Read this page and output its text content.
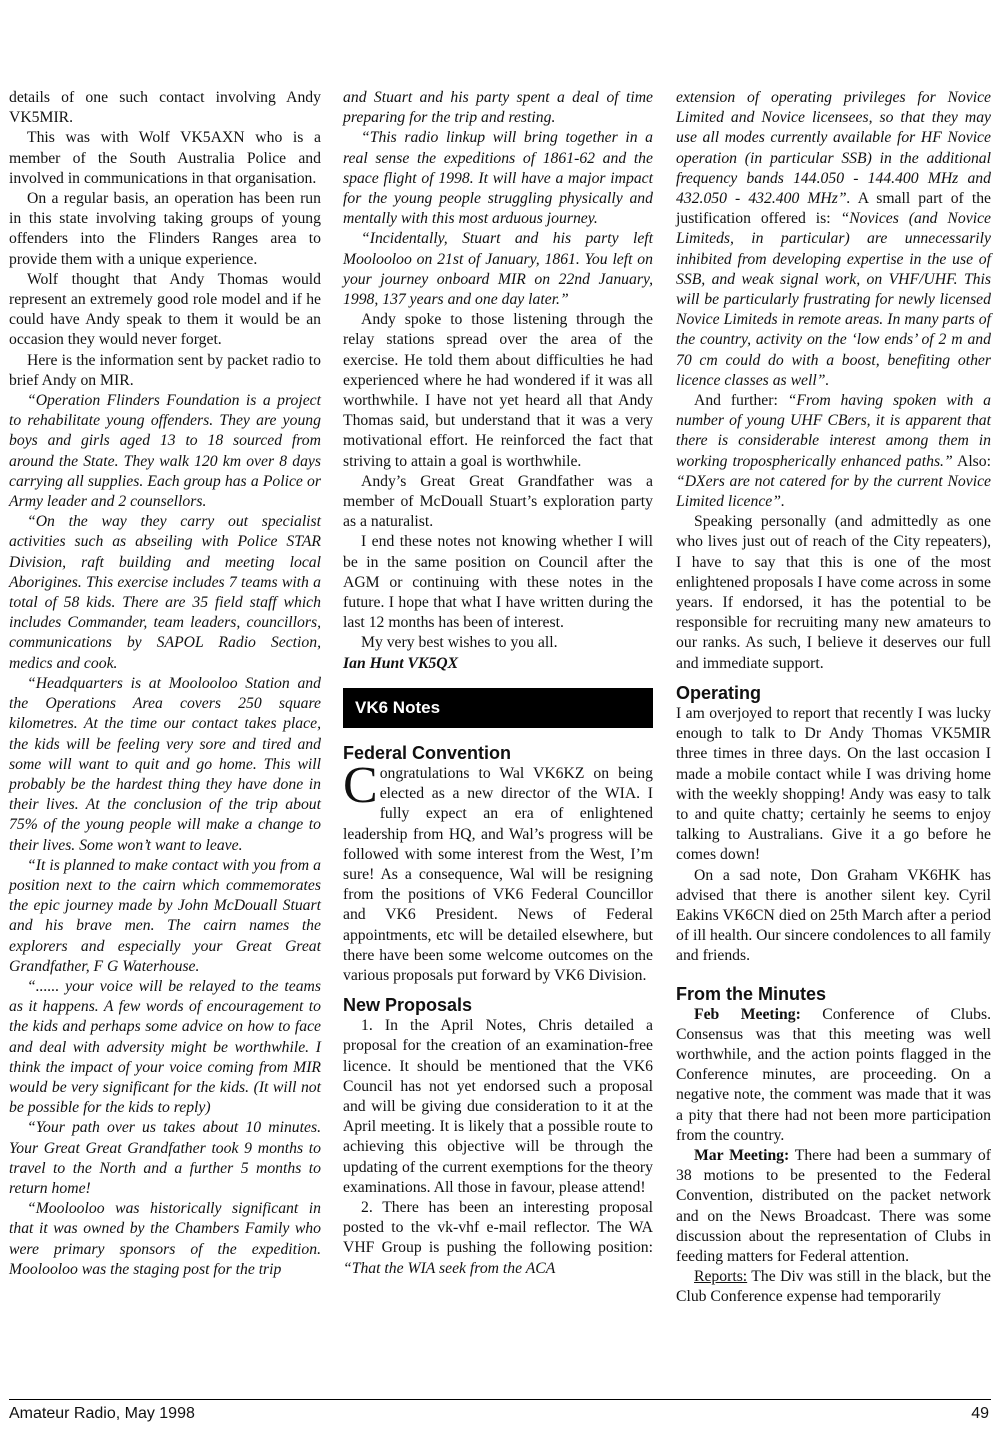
details of one such contact involving Andy VK5MIR.

This was with Wolf VK5AXN who is a member of the South Australia Police and involved in communications in that organisation.

On a regular basis, an operation has been run in this state involving taking groups of young offenders into the Flinders Ranges area to provide them with a unique experience.

Wolf thought that Andy Thomas would represent an extremely good role model and if he could have Andy speak to them it would be an occasion they would never forget.

Here is the information sent by packet radio to brief Andy on MIR.

“Operation Flinders Foundation is a project to rehabilitate young offenders. They are young boys and girls aged 13 to 18 sourced from around the State. They walk 120 km over 8 days carrying all supplies. Each group has a Police or Army leader and 2 counsellors.

“On the way they carry out specialist activities such as abseiling with Police STAR Division, raft building and meeting local Aborigines. This exercise includes 7 teams with a total of 58 kids. There are 35 field staff which includes Commander, team leaders, councillors, communications by SAPOL Radio Section, medics and cook.

“Headquarters is at Moolooloo Station and the Operations Area covers 250 square kilometres. At the time our contact takes place, the kids will be feeling very sore and tired and some will want to quit and go home. This will probably be the hardest thing they have done in their lives. At the conclusion of the trip about 75% of the young people will make a change to their lives. Some won’t want to leave.

“It is planned to make contact with you from a position next to the cairn which commemorates the epic journey made by John McDouall Stuart and his brave men. The cairn names the explorers and especially your Great Great Grandfather, F G Waterhouse.

“...... your voice will be relayed to the teams as it happens. A few words of encouragement to the kids and perhaps some advice on how to face and deal with adversity might be worthwhile. I think the impact of your voice coming from MIR would be very significant for the kids. (It will not be possible for the kids to reply)

“Your path over us takes about 10 minutes. Your Great Great Grandfather took 9 months to travel to the North and a further 5 months to return home!

“Moolooloo was historically significant in that it was owned by the Chambers Family who were primary sponsors of the expedition. Moolooloo was the staging post for the trip

and Stuart and his party spent a deal of time preparing for the trip and resting.

“This radio linkup will bring together in a real sense the expeditions of 1861-62 and the space flight of 1998. It will have a major impact for the young people struggling physically and mentally with this most arduous journey.

“Incidentally, Stuart and his party left Moolooloo on 21st of January, 1861. You left on your journey onboard MIR on 22nd January, 1998, 137 years and one day later.”

Andy spoke to those listening through the relay stations spread over the area of the exercise. He told them about difficulties he had experienced where he had wondered if it was all worthwhile. I have not yet heard all that Andy Thomas said, but understand that it was a very motivational effort. He reinforced the fact that striving to attain a goal is worthwhile.

Andy’s Great Great Grandfather was a member of McDouall Stuart’s exploration party as a naturalist.

I end these notes not knowing whether I will be in the same position on Council after the AGM or continuing with these notes in the future. I hope that what I have written during the last 12 months has been of interest.

My very best wishes to you all.

Ian Hunt VK5QX

VK6 Notes
Federal Convention

Congratulations to Wal VK6KZ on being elected as a new director of the WIA. I fully expect an era of enlightened leadership from HQ, and Wal’s progress will be followed with some interest from the West, I’m sure! As a consequence, Wal will be resigning from the positions of VK6 Federal Councillor and VK6 President. News of Federal appointments, etc will be detailed elsewhere, but there have been some welcome outcomes on the various proposals put forward by VK6 Division.

New Proposals

1. In the April Notes, Chris detailed a proposal for the creation of an examination-free licence. It should be mentioned that the VK6 Council has not yet endorsed such a proposal and will be giving due consideration to it at the April meeting. It is likely that a possible route to achieving this objective will be through the updating of the current exemptions for the theory examinations. All those in favour, please attend!

2. There has been an interesting proposal posted to the vk-vhf e-mail reflector. The WA VHF Group is pushing the following position: “That the WIA seek from the ACA

extension of operating privileges for Novice Limited and Novice licensees, so that they may use all modes currently available for HF Novice operation (in particular SSB) in the additional frequency bands 144.050 - 144.400 MHz and 432.050 - 432.400 MHz”. A small part of the justification offered is: “Novices (and Novice Limiteds, in particular) are unnecessarily inhibited from developing expertise in the use of SSB, and weak signal work, on VHF/UHF. This will be particularly frustrating for newly licensed Novice Limiteds in remote areas. In many parts of the country, activity on the ‘low ends’ of 2 m and 70 cm could do with a boost, benefiting other licence classes as well”.

And further: “From having spoken with a number of young UHF CBers, it is apparent that there is considerable interest among them in working tropospherically enhanced paths.” Also: “DXers are not catered for by the current Novice Limited licence”.

Speaking personally (and admittedly as one who lives just out of reach of the City repeaters), I have to say that this is one of the most enlightened proposals I have come across in some years. If endorsed, it has the potential to be responsible for recruiting many new amateurs to our ranks. As such, I believe it deserves our full and immediate support.

Operating

I am overjoyed to report that recently I was lucky enough to talk to Dr Andy Thomas VK5MIR three times in three days. On the last occasion I made a mobile contact while I was driving home with the weekly shopping! Andy was easy to talk to and quite chatty; certainly he seems to enjoy talking to Australians. Give it a go before he comes down!

On a sad note, Don Graham VK6HK has advised that there is another silent key. Cyril Eakins VK6CN died on 25th March after a period of ill health. Our sincere condolences to all family and friends.

From the Minutes

Feb Meeting: Conference of Clubs. Consensus was that this meeting was well worthwhile, and the action points flagged in the Conference minutes, are proceeding. On a negative note, the comment was made that it was a pity that there had not been more participation from the country.

Mar Meeting: There had been a summary of 38 motions to be presented to the Federal Convention, distributed on the packet network and on the News Broadcast. There was some discussion about the representation of Clubs in feeding matters for Federal attention.

Reports: The Div was still in the black, but the Club Conference expense had temporarily

Amateur Radio, May 1998	49
